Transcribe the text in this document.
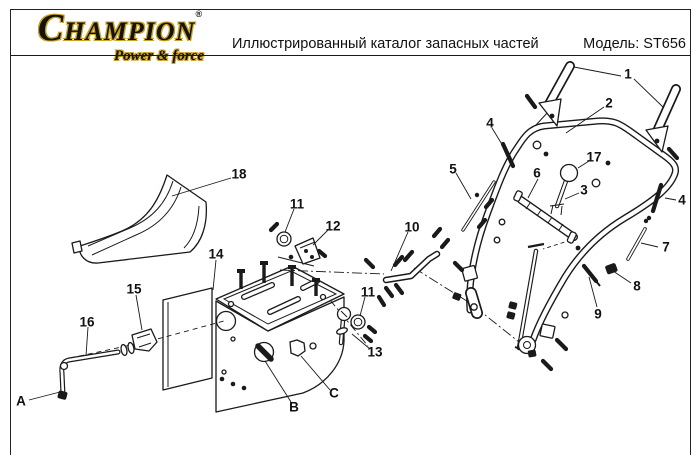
CHAMPION
®
Power & force
Иллюстрированный каталог запасных частей	Модель: ST656
1
2
4
5
17
6
3
4
7
8
9
18
11
12	10
14
15
16
11
13
A	B
C
